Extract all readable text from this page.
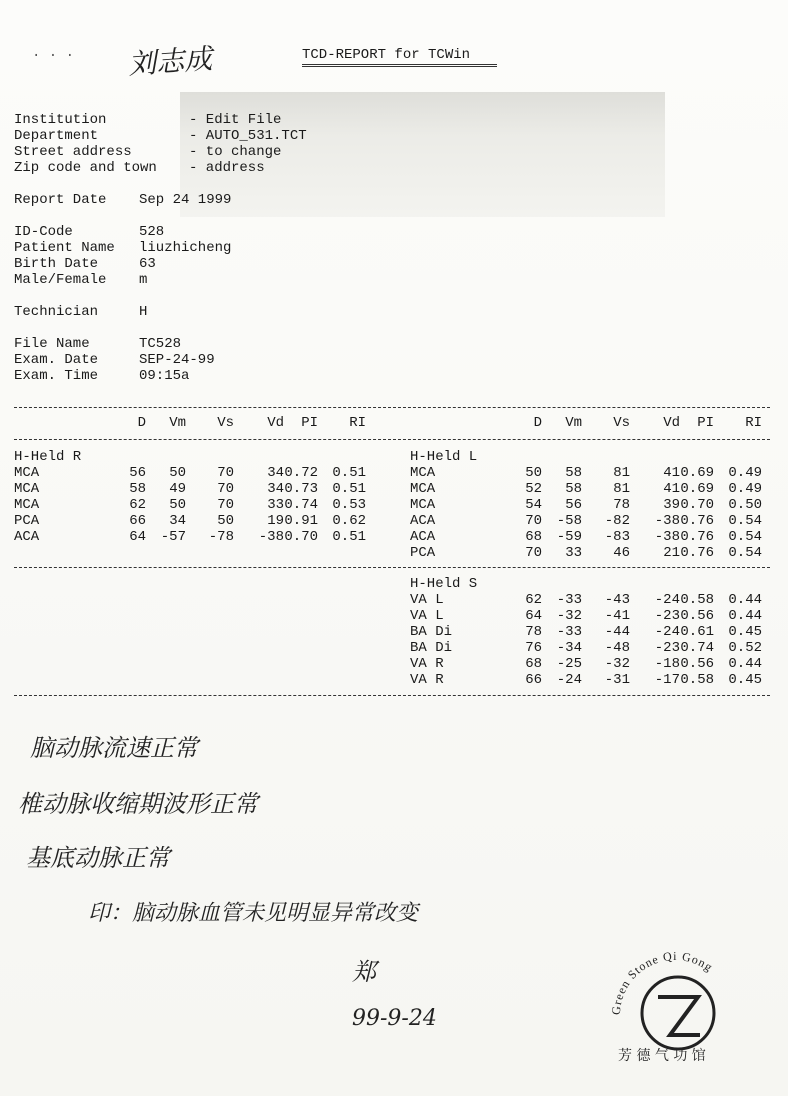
刘志成
· · ·	TCD-REPORT for TCWin
Institution	- Edit File
Department	- AUTO_531.TCT
Street address	- to change
Zip code and town - address
Report Date Sep 24 1999
ID-Code	528
Patient Name liuzhicheng
Birth Date	63
Male/Female m
Technician	H
File Name	TC528
Exam. Date	SEP-24-99
Exam. Time	09:15a
	D	Vm	Vs	Vd	PI	RI
		D	Vm	Vs	Vd	PI	RI
H-Held R						
MCA	56	50	70	34	0.72	0.51
MCA	58	49	70	34	0.73	0.51
MCA	62	50	70	33	0.74	0.53
PCA	66	34	50	19	0.91	0.62
ACA	64	-57	-78	-38	0.70	0.51
H-Held L						
MCA	50	58	81	41	0.69	0.49
MCA	52	58	81	41	0.69	0.49
MCA	54	56	78	39	0.70	0.50
ACA	70	-58	-82	-38	0.76	0.54
ACA	68	-59	-83	-38	0.76	0.54
PCA	70	33	46	21	0.76	0.54
H-Held S						
VA L	62	-33	-43	-24	0.58	0.44
VA L	64	-32	-41	-23	0.56	0.44
BA Di	78	-33	-44	-24	0.61	0.45
BA Di	76	-34	-48	-23	0.74	0.52
VA R	68	-25	-32	-18	0.56	0.44
VA R	66	-24	-31	-17	0.58	0.45
脑动脉流速正常
椎动脉收缩期波形正常
基底动脉正常
印：脑动脉血管未见明显异常改变
郑
99-9-24	Green Stone Qi Gong
芳 德 气 功 馆
